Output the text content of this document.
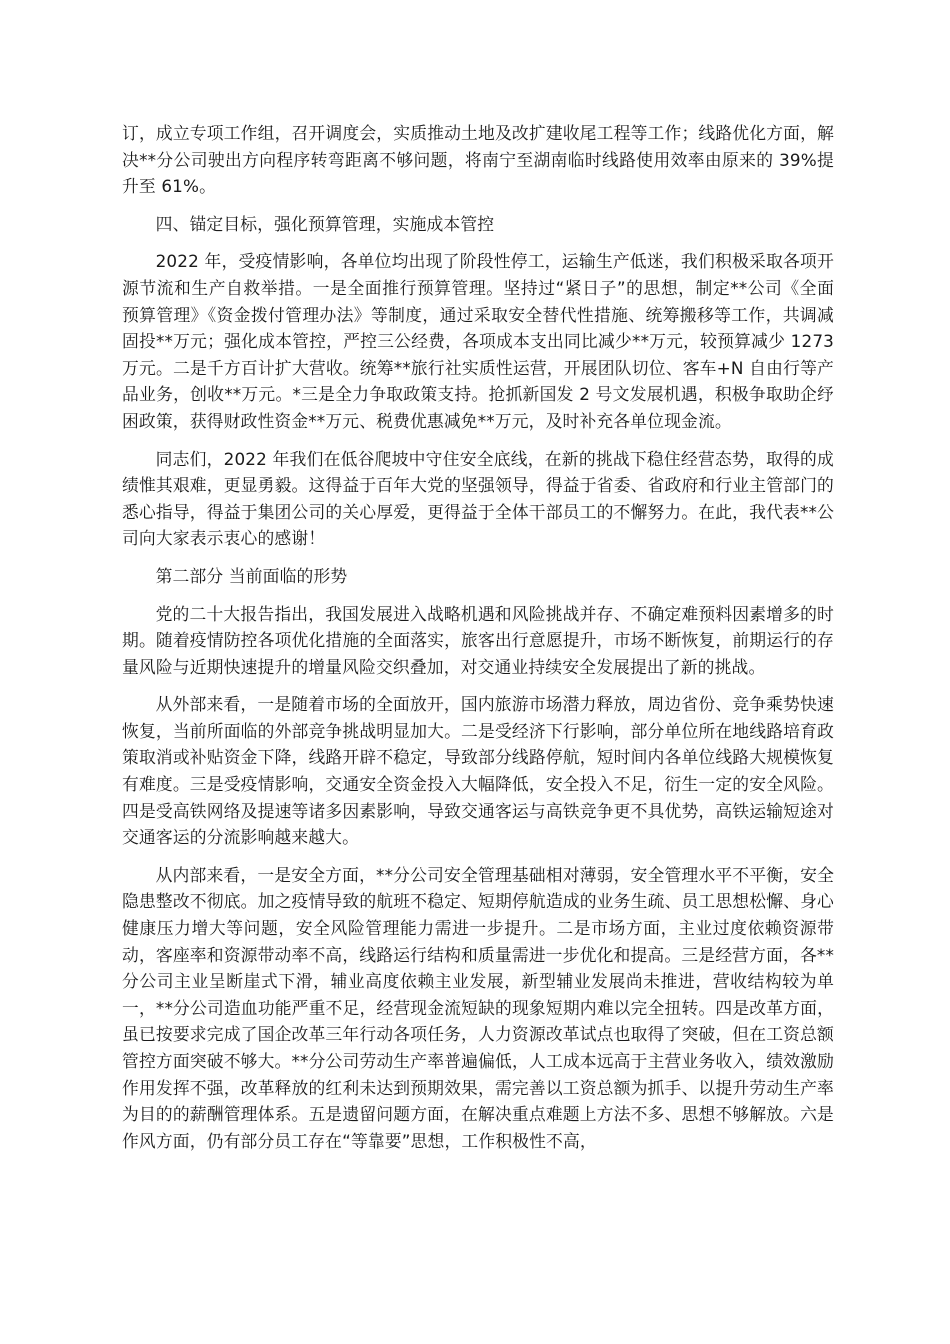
订，成立专项工作组，召开调度会，实质推动土地及改扩建收尾工程等工作；线路优化方面，解决**分公司驶出方向程序转弯距离不够问题，将南宁至湖南临时线路使用效率由原来的 39%提升至 61%。

四、锚定目标，强化预算管理，实施成本管控

2022 年，受疫情影响，各单位均出现了阶段性停工，运输生产低迷，我们积极采取各项开源节流和生产自救举措。一是全面推行预算管理。坚持过“紧日子”的思想，制定**公司《全面预算管理》《资金拨付管理办法》等制度，通过采取安全替代性措施、统筹搬移等工作，共调减固投**万元；强化成本管控，严控三公经费，各项成本支出同比减少**万元，较预算减少 1273 万元。二是千方百计扩大营收。统筹**旅行社实质性运营，开展团队切位、客车+N 自由行等产品业务，创收**万元。*三是全力争取政策支持。抢抓新国发 2 号文发展机遇，积极争取助企纾困政策，获得财政性资金**万元、税费优惠减免**万元，及时补充各单位现金流。

同志们，2022 年我们在低谷爬坡中守住安全底线，在新的挑战下稳住经营态势，取得的成绩惟其艰难，更显勇毅。这得益于百年大党的坚强领导，得益于省委、省政府和行业主管部门的悉心指导，得益于集团公司的关心厚爱，更得益于全体干部员工的不懈努力。在此，我代表**公司向大家表示衷心的感谢！

第二部分 当前面临的形势

党的二十大报告指出，我国发展进入战略机遇和风险挑战并存、不确定难预料因素增多的时期。随着疫情防控各项优化措施的全面落实，旅客出行意愿提升，市场不断恢复，前期运行的存量风险与近期快速提升的增量风险交织叠加，对交通业持续安全发展提出了新的挑战。

从外部来看，一是随着市场的全面放开，国内旅游市场潜力释放，周边省份、竞争乘势快速恢复，当前所面临的外部竞争挑战明显加大。二是受经济下行影响，部分单位所在地线路培育政策取消或补贴资金下降，线路开辟不稳定，导致部分线路停航，短时间内各单位线路大规模恢复有难度。三是受疫情影响，交通安全资金投入大幅降低，安全投入不足，衍生一定的安全风险。四是受高铁网络及提速等诸多因素影响，导致交通客运与高铁竞争更不具优势，高铁运输短途对交通客运的分流影响越来越大。

从内部来看，一是安全方面，**分公司安全管理基础相对薄弱，安全管理水平不平衡，安全隐患整改不彻底。加之疫情导致的航班不稳定、短期停航造成的业务生疏、员工思想松懈、身心健康压力增大等问题，安全风险管理能力需进一步提升。二是市场方面，主业过度依赖资源带动，客座率和资源带动率不高，线路运行结构和质量需进一步优化和提高。三是经营方面，各**分公司主业呈断崖式下滑，辅业高度依赖主业发展，新型辅业发展尚未推进，营收结构较为单一，**分公司造血功能严重不足，经营现金流短缺的现象短期内难以完全扭转。四是改革方面，虽已按要求完成了国企改革三年行动各项任务，人力资源改革试点也取得了突破，但在工资总额管控方面突破不够大。**分公司劳动生产率普遍偏低，人工成本远高于主营业务收入，绩效激励作用发挥不强，改革释放的红利未达到预期效果，需完善以工资总额为抓手、以提升劳动生产率为目的的薪酬管理体系。五是遗留问题方面，在解决重点难题上方法不多、思想不够解放。六是作风方面，仍有部分员工存在“等靠要”思想，工作积极性不高，
